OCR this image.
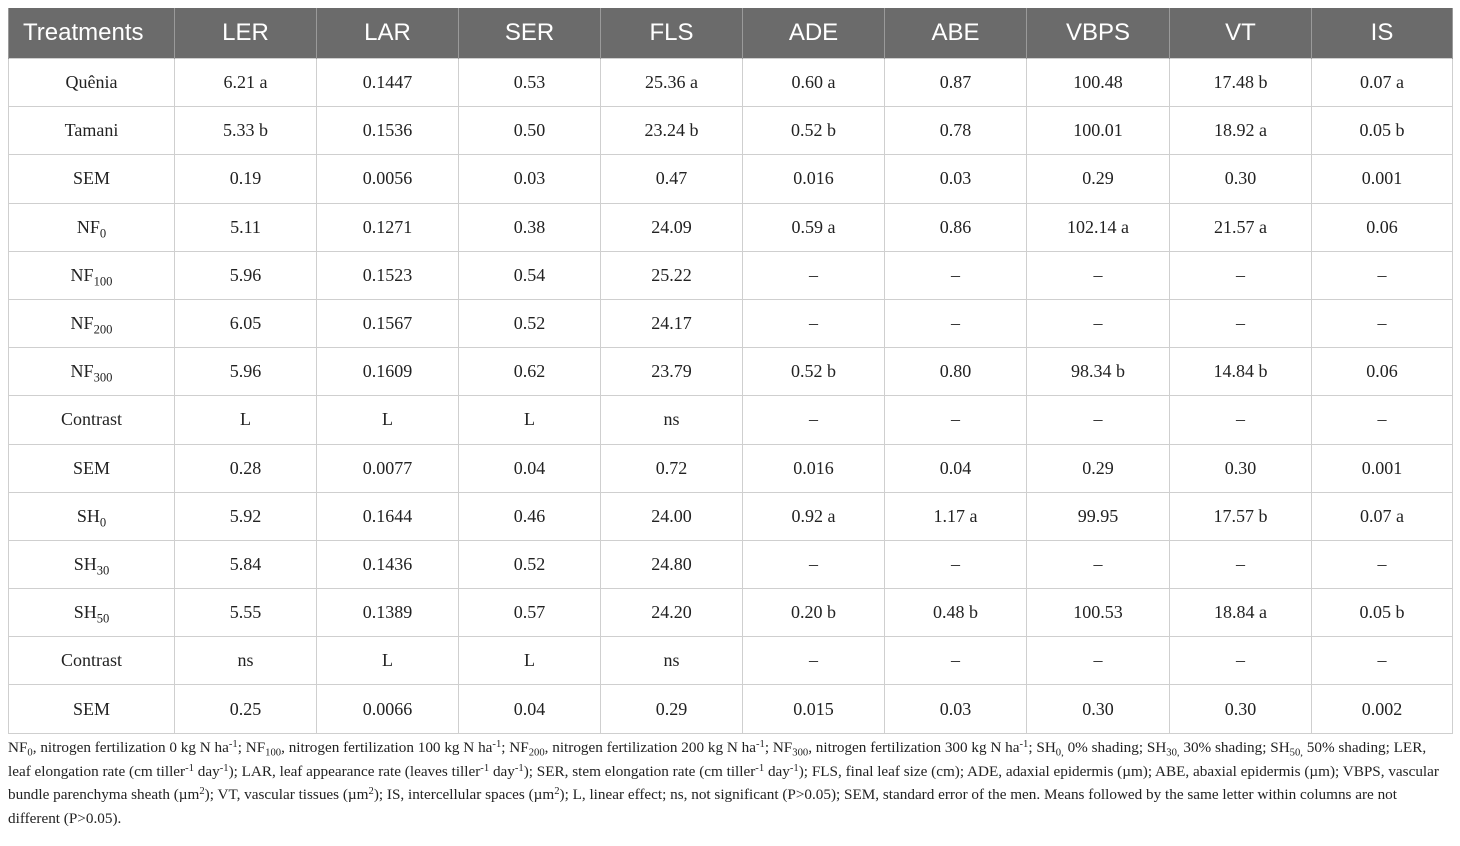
Treatments	LER	LAR	SER	FLS	ADE	ABE	VBPS	VT	IS
Quênia	6.21 a	0.1447	0.53	25.36 a	0.60 a	0.87	100.48	17.48 b	0.07 a
Tamani	5.33 b	0.1536	0.50	23.24 b	0.52 b	0.78	100.01	18.92 a	0.05 b
SEM	0.19	0.0056	0.03	0.47	0.016	0.03	0.29	0.30	0.001
$NF_0$	5.11	0.1271	0.38	24.09	0.59 a	0.86	102.14 a	21.57 a	0.06
$NF_{100}$	5.96	0.1523	0.54	25.22	–	–	–	–	–
$NF_{200}$	6.05	0.1567	0.52	24.17	–	–	–	–	–
$NF_{300}$	5.96	0.1609	0.62	23.79	0.52 b	0.80	98.34 b	14.84 b	0.06
Contrast	L	L	L	ns	–	–	–	–	–
SEM	0.28	0.0077	0.04	0.72	0.016	0.04	0.29	0.30	0.001
$SH_0$	5.92	0.1644	0.46	24.00	0.92 a	1.17 a	99.95	17.57 b	0.07 a
$SH_{30}$	5.84	0.1436	0.52	24.80	–	–	–	–	–
$SH_{50}$	5.55	0.1389	0.57	24.20	0.20 b	0.48 b	100.53	18.84 a	0.05 b
Contrast	ns	L	L	ns	–	–	–	–	–
SEM	0.25	0.0066	0.04	0.29	0.015	0.03	0.30	0.30	0.002

$NF_0$, nitrogen fertilization 0 kg N $ha^{-1}$; $NF_{100}$, nitrogen fertilization 100 kg N $ha^{-1}$; $NF_{200}$, nitrogen fertilization 200 kg N $ha^{-1}$; $NF_{300}$, nitrogen fertilization 300 kg N $ha^{-1}$; $SH_{0,}$ 0% shading; $SH_{30,}$ 30% shading; $SH_{50,}$ 50% shading; LER, leaf elongation rate (cm tiller$^{-1}$ day$^{-1}$); LAR, leaf appearance rate (leaves tiller$^{-1}$ day$^{-1}$); SER, stem elongation rate (cm tiller$^{-1}$ day$^{-1}$); FLS, final leaf size (cm); ADE, adaxial epidermis (µm); ABE, abaxial epidermis (µm); VBPS, vascular bundle parenchyma sheath (µm$^2$); VT, vascular tissues (µm$^2$); IS, intercellular spaces (µm$^2$); L, linear effect; ns, not significant (P>0.05); SEM, standard error of the men. Means followed by the same letter within columns are not different (P>0.05).
